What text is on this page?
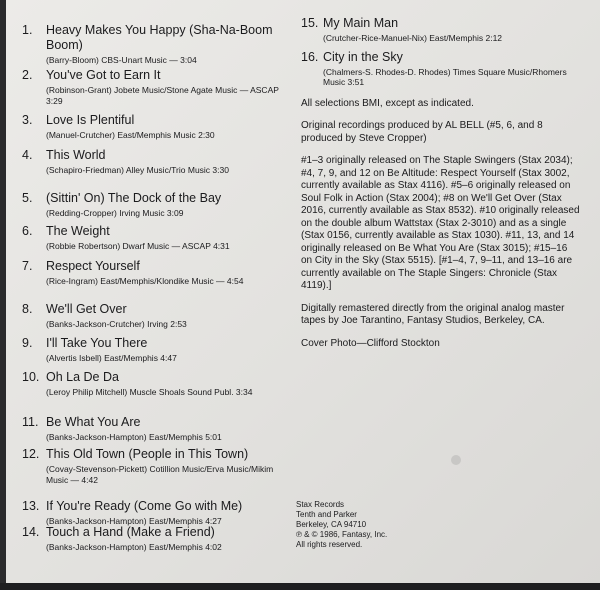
1. Heavy Makes You Happy (Sha-Na-Boom Boom)
(Barry-Bloom) CBS-Unart Music — 3:04
2. You've Got to Earn It
(Robinson-Grant) Jobete Music/Stone Agate Music — ASCAP 3:29
3. Love Is Plentiful
(Manuel-Crutcher) East/Memphis Music 2:30
4. This World
(Schapiro-Friedman) Alley Music/Trio Music 3:30
5. (Sittin' On) The Dock of the Bay
(Redding-Cropper) Irving Music 3:09
6. The Weight
(Robbie Robertson) Dwarf Music — ASCAP 4:31
7. Respect Yourself
(Rice-Ingram) East/Memphis/Klondike Music — 4:54
8. We'll Get Over
(Banks-Jackson-Crutcher) Irving 2:53
9. I'll Take You There
(Alvertis Isbell) East/Memphis 4:47
10. Oh La De Da
(Leroy Philip Mitchell) Muscle Shoals Sound Publ. 3:34
11. Be What You Are
(Banks-Jackson-Hampton) East/Memphis 5:01
12. This Old Town (People in This Town)
(Covay-Stevenson-Pickett) Cotillion Music/Erva Music/Mikim Music — 4:42
13. If You're Ready (Come Go with Me)
(Banks-Jackson-Hampton) East/Memphis 4:27
14. Touch a Hand (Make a Friend)
(Banks-Jackson-Hampton) East/Memphis 4:02
15. My Main Man
(Crutcher-Rice-Manuel-Nix) East/Memphis 2:12
16. City in the Sky
(Chalmers-S. Rhodes-D. Rhodes) Times Square Music/Rhomers Music 3:51
All selections BMI, except as indicated.
Original recordings produced by AL BELL (#5, 6, and 8 produced by Steve Cropper)
#1–3 originally released on The Staple Swingers (Stax 2034); #4, 7, 9, and 12 on Be Altitude: Respect Yourself (Stax 3002, currently available as Stax 4116). #5–6 originally released on Soul Folk in Action (Stax 2004); #8 on We'll Get Over (Stax 2016, currently available as Stax 8532). #10 originally released on the double album Wattstax (Stax 2-3010) and as a single (Stax 0156, currently available as Stax 1030). #11, 13, and 14 originally released on Be What You Are (Stax 3015); #15–16 on City in the Sky (Stax 5515). [#1–4, 7, 9–11, and 13–16 are currently available on The Staple Singers: Chronicle (Stax 4119).]
Digitally remastered directly from the original analog master tapes by Joe Tarantino, Fantasy Studios, Berkeley, CA.
Cover Photo—Clifford Stockton
Stax Records
Tenth and Parker
Berkeley, CA 94710
℗ & © 1986, Fantasy, Inc.
All rights reserved.
